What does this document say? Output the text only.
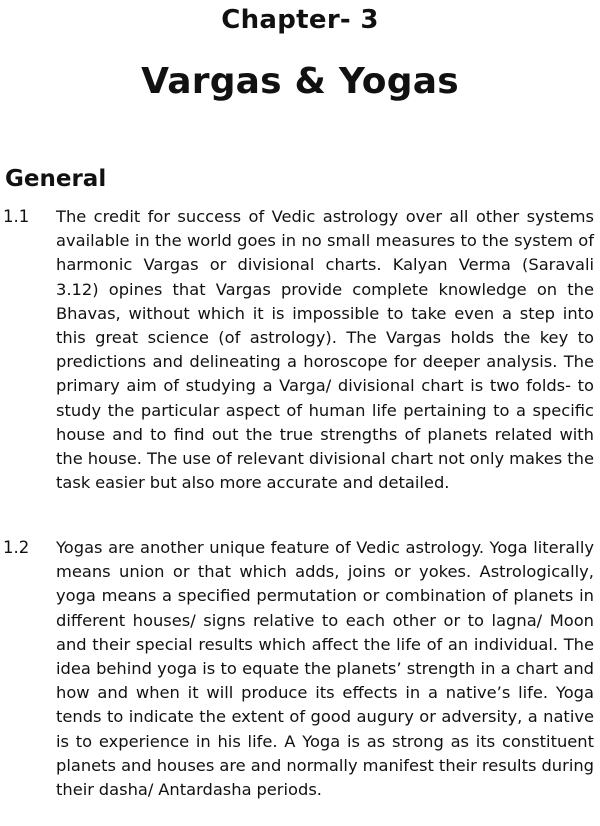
Chapter- 3
Vargas & Yogas
General
1.1 The credit for success of Vedic astrology over all other systems available in the world goes in no small measures to the system of harmonic Vargas or divisional charts. Kalyan Verma (Saravali 3.12) opines that Vargas provide complete knowledge on the Bhavas, without which it is impossible to take even a step into this great science (of astrology). The Vargas holds the key to predictions and delineating a horoscope for deeper analysis. The primary aim of studying a Varga/ divisional chart is two folds- to study the particular aspect of human life pertaining to a specific house and to find out the true strengths of planets related with the house. The use of relevant divisional chart not only makes the task easier but also more accurate and detailed.
1.2 Yogas are another unique feature of Vedic astrology. Yoga literally means union or that which adds, joins or yokes. Astrologically, yoga means a specified permutation or combination of planets in different houses/ signs relative to each other or to lagna/ Moon and their special results which affect the life of an individual. The idea behind yoga is to equate the planets’ strength in a chart and how and when it will produce its effects in a native’s life. Yoga tends to indicate the extent of good augury or adversity, a native is to experience in his life. A Yoga is as strong as its constituent planets and houses are and normally manifest their results during their dasha/ Antardasha periods.
